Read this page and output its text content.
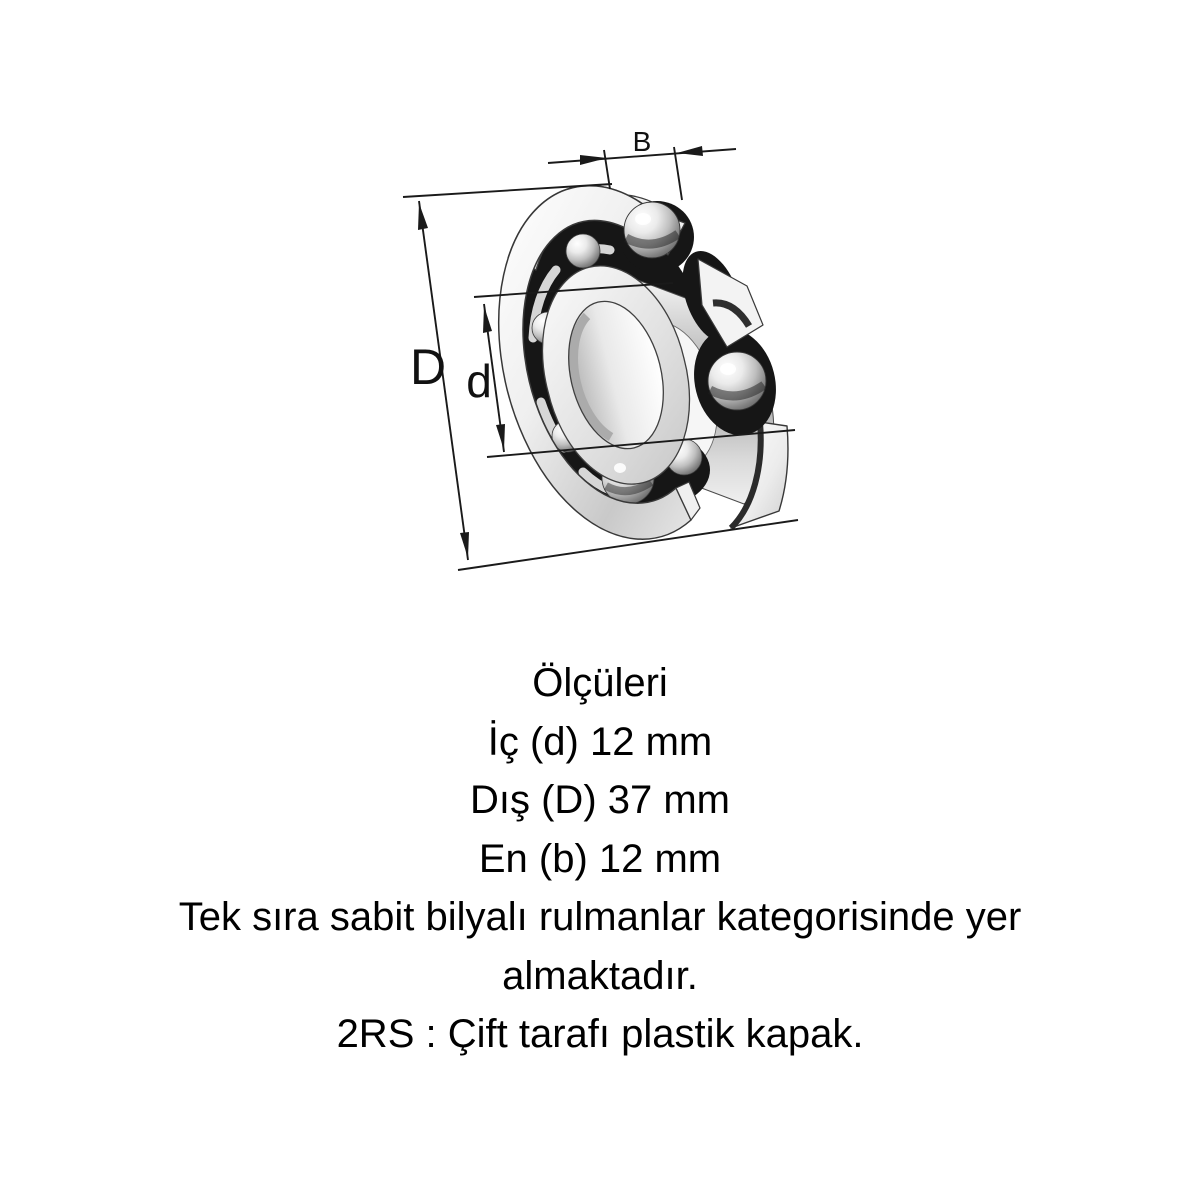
B
D d
Ölçüleri
İç (d) 12 mm
Dış (D) 37 mm
En (b) 12 mm
Tek sıra sabit bilyalı rulmanlar kategorisinde yer
almaktadır.
2RS : Çift tarafı plastik kapak.
